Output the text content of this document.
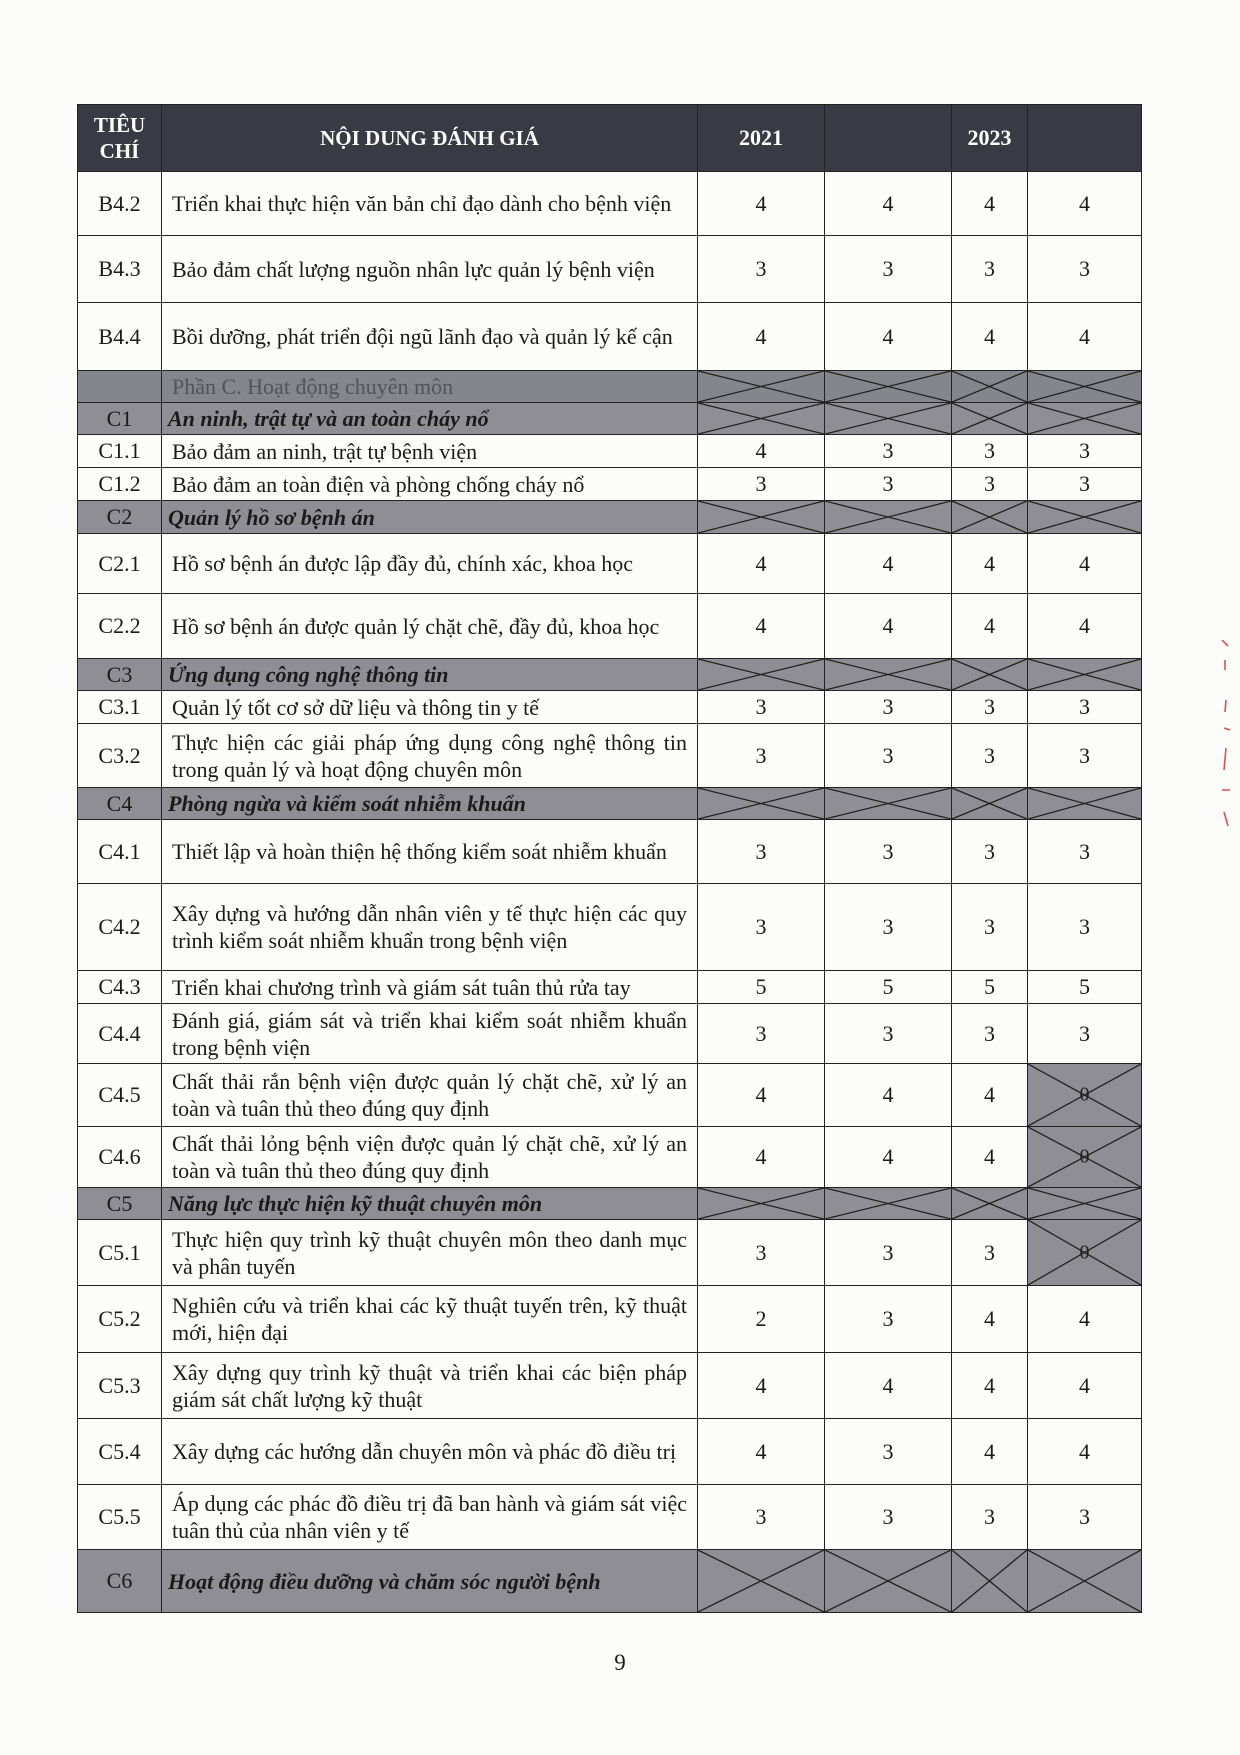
TIÊU CHÍ	NỘI DUNG ĐÁNH GIÁ	2021		2023	
B4.2	Triển khai thực hiện văn bản chỉ đạo dành cho bệnh viện	4	4	4	4
B4.3	Bảo đảm chất lượng nguồn nhân lực quản lý bệnh viện	3	3	3	3
B4.4	Bồi dưỡng, phát triển đội ngũ lãnh đạo và quản lý kế cận	4	4	4	4
	Phần C. Hoạt động chuyên môn	

C1	An ninh, trật tự và an toàn cháy nổ	

C1.1	Bảo đảm an ninh, trật tự bệnh viện	4	3	3	3
C1.2	Bảo đảm an toàn điện và phòng chống cháy nổ	3	3	3	3
C2	Quản lý hồ sơ bệnh án	

C2.1	Hồ sơ bệnh án được lập đầy đủ, chính xác, khoa học	4	4	4	4
C2.2	Hồ sơ bệnh án được quản lý chặt chẽ, đầy đủ, khoa học	4	4	4	4
C3	Ứng dụng công nghệ thông tin	

C3.1	Quản lý tốt cơ sở dữ liệu và thông tin y tế	3	3	3	3
C3.2	Thực hiện các giải pháp ứng dụng công nghệ thông tin trong quản lý và hoạt động chuyên môn	3	3	3	3
C4	Phòng ngừa và kiểm soát nhiễm khuẩn	

C4.1	Thiết lập và hoàn thiện hệ thống kiểm soát nhiễm khuẩn	3	3	3	3
C4.2	Xây dựng và hướng dẫn nhân viên y tế thực hiện các quy trình kiểm soát nhiễm khuẩn trong bệnh viện	3	3	3	3
C4.3	Triển khai chương trình và giám sát tuân thủ rửa tay	5	5	5	5
C4.4	Đánh giá, giám sát và triển khai kiểm soát nhiễm khuẩn trong bệnh viện	3	3	3	3
C4.5	Chất thải rắn bệnh viện được quản lý chặt chẽ, xử lý an toàn và tuân thủ theo đúng quy định	4	4	4	0

C4.6	Chất thải lỏng bệnh viện được quản lý chặt chẽ, xử lý an toàn và tuân thủ theo đúng quy định	4	4	4	0

C5	Năng lực thực hiện kỹ thuật chuyên môn	

C5.1	Thực hiện quy trình kỹ thuật chuyên môn theo danh mục và phân tuyến	3	3	3	0

C5.2	Nghiên cứu và triển khai các kỹ thuật tuyến trên, kỹ thuật mới, hiện đại	2	3	4	4
C5.3	Xây dựng quy trình kỹ thuật và triển khai các biện pháp giám sát chất lượng kỹ thuật	4	4	4	4
C5.4	Xây dựng các hướng dẫn chuyên môn và phác đồ điều trị	4	3	4	4
C5.5	Áp dụng các phác đồ điều trị đã ban hành và giám sát việc tuân thủ của nhân viên y tế	3	3	3	3
C6	Hoạt động điều dưỡng và chăm sóc người bệnh	

9
